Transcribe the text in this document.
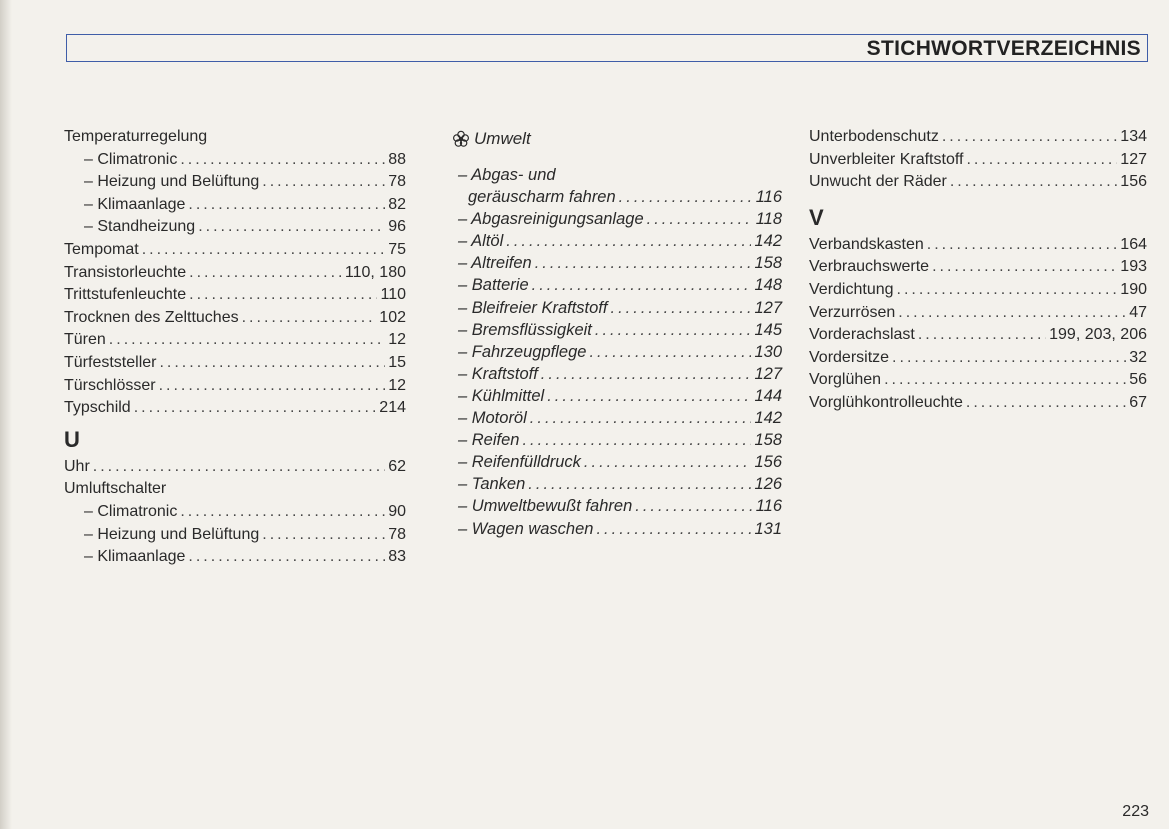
STICHWORTVERZEICHNIS
Temperaturregelung
– Climatronic .....	88
– Heizung und Belüftung .....	78
– Klimaanlage .....	82
– Standheizung .....	96
Tempomat .....	75
Transistorleuchte .....	110, 180
Trittstufenleuchte .....	110
Trocknen des Zelttuches .....	102
Türen .....	12
Türfeststeller .....	15
Türschlösser .....	12
Typschild .....	214
U
Uhr .....	62
Umluftschalter
– Climatronic .....	90
– Heizung und Belüftung .....	78
– Klimaanlage .....	83
Umwelt
– Abgas- und
geräuscharm fahren .....	116
– Abgasreinigungsanlage .....	118
– Altöl .....	142
– Altreifen .....	158
– Batterie .....	148
– Bleifreier Kraftstoff .....	127
– Bremsflüssigkeit .....	145
– Fahrzeugpflege .....	130
– Kraftstoff .....	127
– Kühlmittel .....	144
– Motoröl .....	142
– Reifen .....	158
– Reifenfülldruck .....	156
– Tanken .....	126
– Umweltbewußt fahren .....	116
– Wagen waschen .....	131
Unterbodenschutz .....	134
Unverbleiter Kraftstoff .....	127
Unwucht der Räder .....	156
V
Verbandskasten .....	164
Verbrauchswerte .....	193
Verdichtung .....	190
Verzurrösen .....	47
Vorderachslast .....	199, 203, 206
Vordersitze .....	32
Vorglühen .....	56
Vorglühkontrolleuchte .....	67
223
